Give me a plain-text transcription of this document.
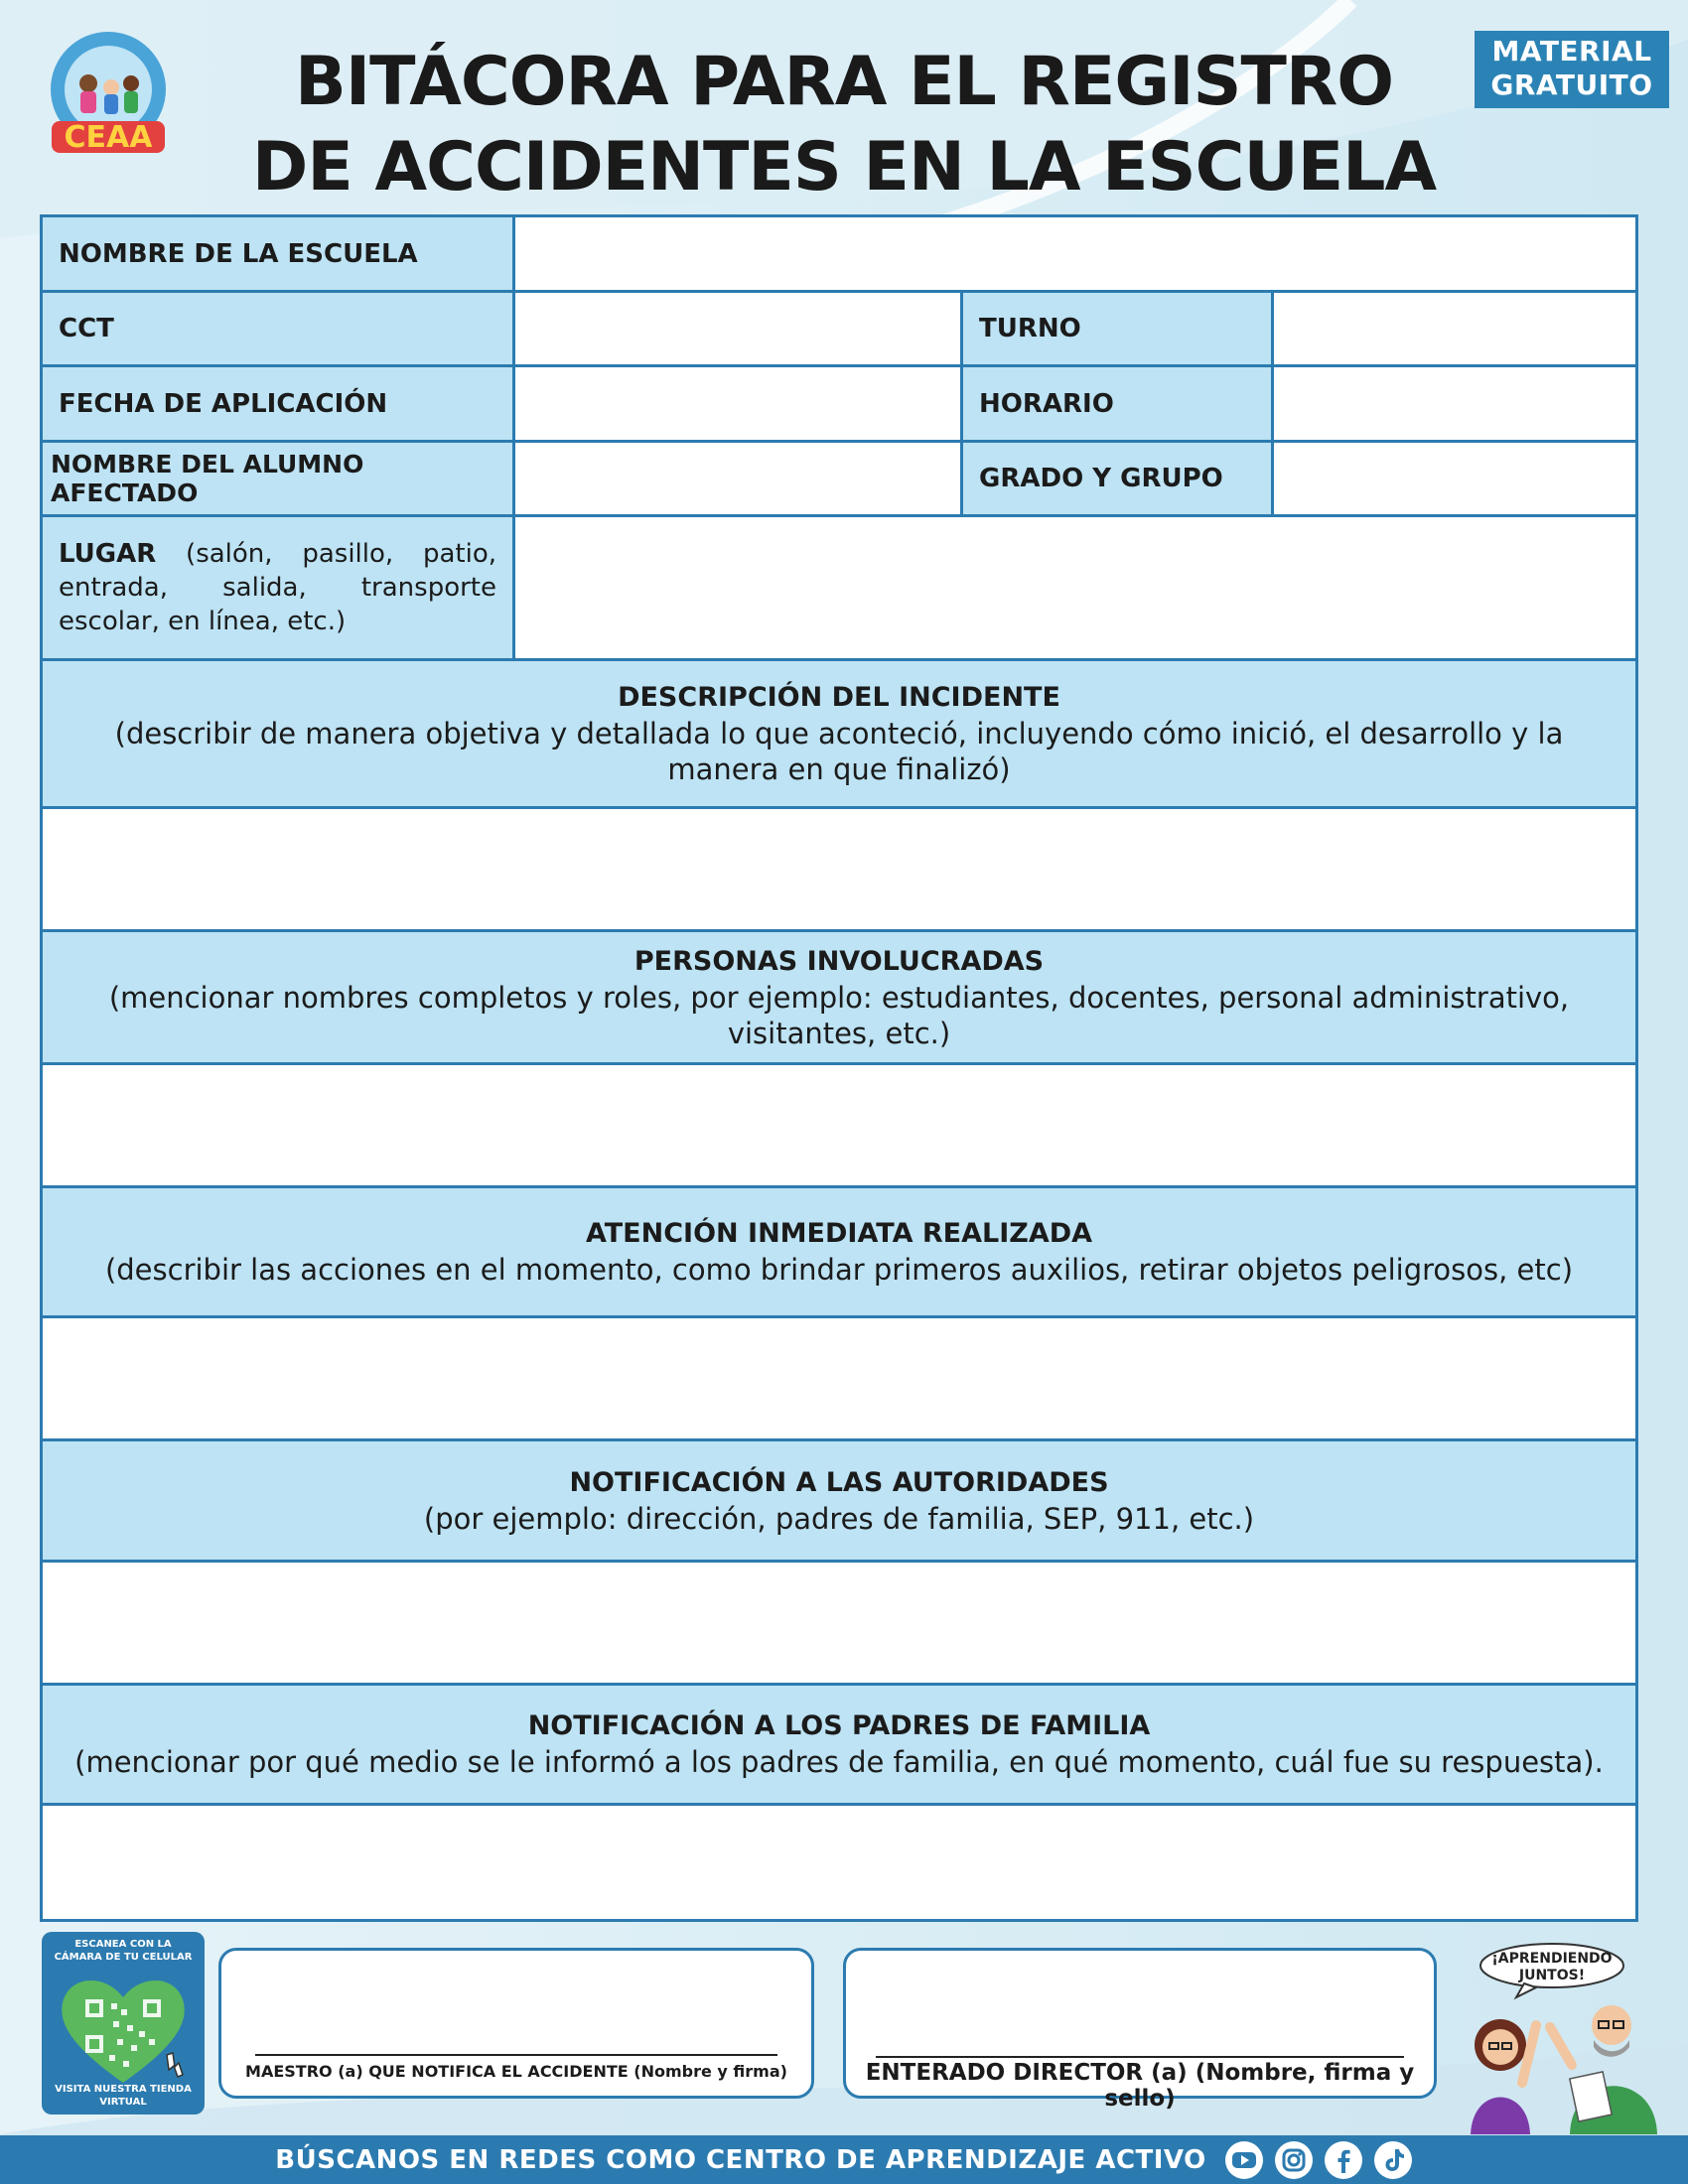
CEAA
BITÁCORA PARA EL REGISTRO
DE ACCIDENTES EN LA ESCUELA
MATERIAL
GRATUITO
NOMBRE DE LA ESCUELA
CCT	TURNO
FECHA DE APLICACIÓN	HORARIO
NOMBRE DEL ALUMNO AFECTADO	GRADO Y GRUPO
LUGAR (salón, pasillo, patio, entrada, salida, transporte escolar, en línea, etc.)
DESCRIPCIÓN DEL INCIDENTE
(describir de manera objetiva y detallada lo que aconteció, incluyendo cómo inició, el desarrollo y la manera en que finalizó)
PERSONAS INVOLUCRADAS
(mencionar nombres completos y roles, por ejemplo: estudiantes, docentes, personal administrativo, visitantes, etc.)
ATENCIÓN INMEDIATA REALIZADA
(describir las acciones en el momento, como brindar primeros auxilios, retirar objetos peligrosos, etc)
NOTIFICACIÓN A LAS AUTORIDADES
(por ejemplo: dirección, padres de familia, SEP, 911, etc.)
NOTIFICACIÓN A LOS PADRES DE FAMILIA
(mencionar por qué medio se le informó a los padres de familia, en qué momento, cuál fue su respuesta).
ESCANEA CON LA
CÁMARA DE TU CELULAR
VISITA NUESTRA TIENDA
VIRTUAL
MAESTRO (a) QUE NOTIFICA EL ACCIDENTE (Nombre y firma)	ENTERADO DIRECTOR (a) (Nombre, firma y sello)
¡APRENDIENDO
JUNTOS!
BÚSCANOS EN REDES COMO CENTRO DE APRENDIZAJE ACTIVO
